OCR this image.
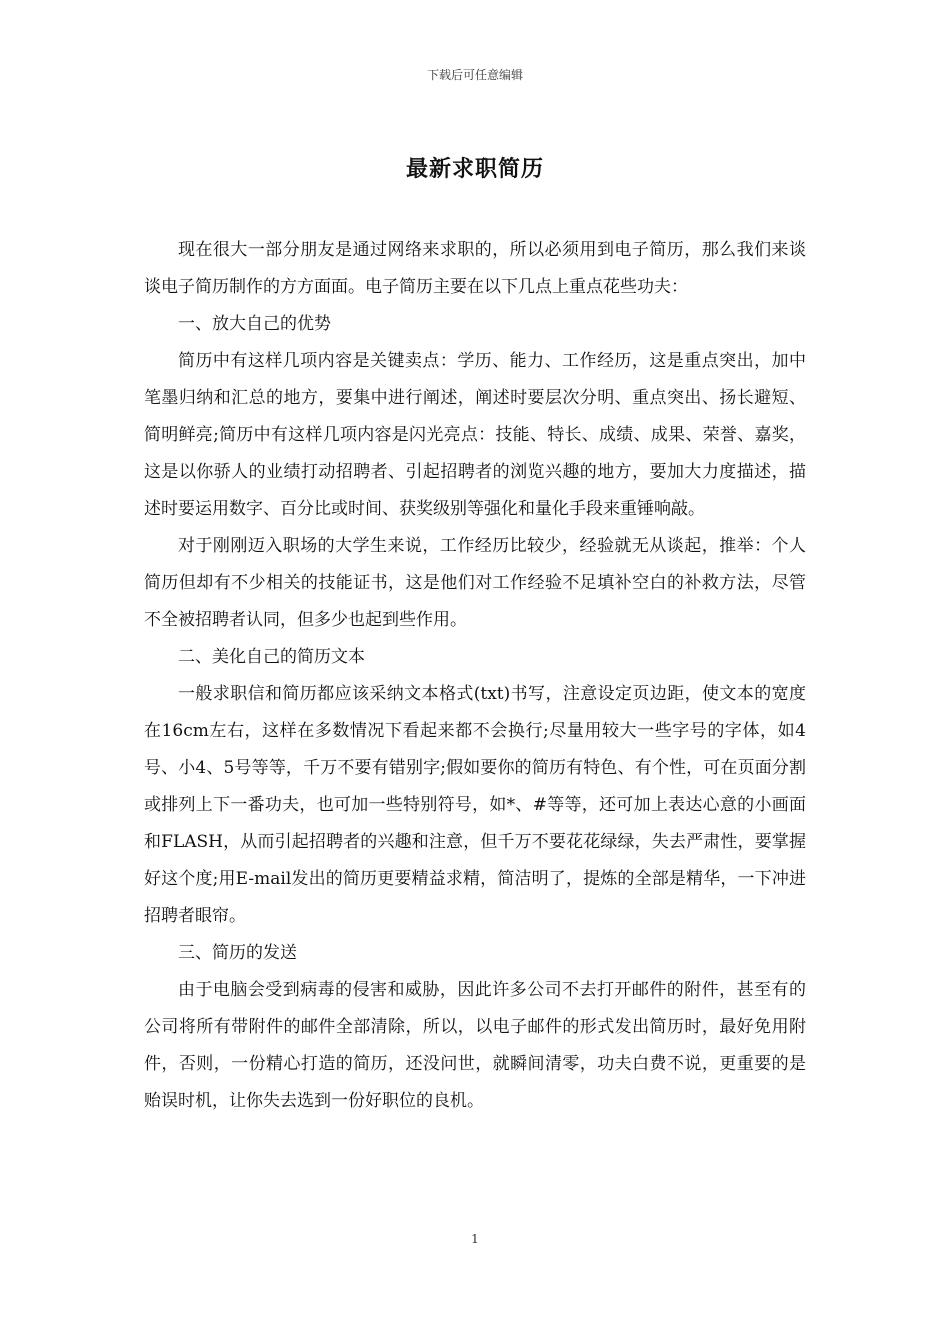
下载后可任意编辑
最新求职简历

现在很大一部分朋友是通过网络来求职的，所以必须用到电子简历，那么我们来谈谈电子简历制作的方方面面。电子简历主要在以下几点上重点花些功夫：

一、放大自己的优势

简历中有这样几项内容是关键卖点：学历、能力、工作经历，这是重点突出，加中笔墨归纳和汇总的地方，要集中进行阐述，阐述时要层次分明、重点突出、扬长避短、简明鲜亮;简历中有这样几项内容是闪光亮点：技能、特长、成绩、成果、荣誉、嘉奖，这是以你骄人的业绩打动招聘者、引起招聘者的浏览兴趣的地方，要加大力度描述，描述时要运用数字、百分比或时间、获奖级别等强化和量化手段来重锤响敲。

对于刚刚迈入职场的大学生来说，工作经历比较少，经验就无从谈起，推举：个人简历但却有不少相关的技能证书，这是他们对工作经验不足填补空白的补救方法，尽管不全被招聘者认同，但多少也起到些作用。

二、美化自己的简历文本

一般求职信和简历都应该采纳文本格式(txt)书写，注意设定页边距，使文本的宽度在16cm左右，这样在多数情况下看起来都不会换行;尽量用较大一些字号的字体，如4号、小4、5号等等，千万不要有错别字;假如要你的简历有特色、有个性，可在页面分割或排列上下一番功夫，也可加一些特别符号，如*、#等等，还可加上表达心意的小画面和FLASH，从而引起招聘者的兴趣和注意，但千万不要花花绿绿，失去严肃性，要掌握好这个度;用E-mail发出的简历更要精益求精，简洁明了，提炼的全部是精华，一下冲进招聘者眼帘。

三、简历的发送

由于电脑会受到病毒的侵害和威胁，因此许多公司不去打开邮件的附件，甚至有的公司将所有带附件的邮件全部清除，所以，以电子邮件的形式发出简历时，最好免用附件，否则，一份精心打造的简历，还没问世，就瞬间清零，功夫白费不说，更重要的是贻误时机，让你失去选到一份好职位的良机。

1
